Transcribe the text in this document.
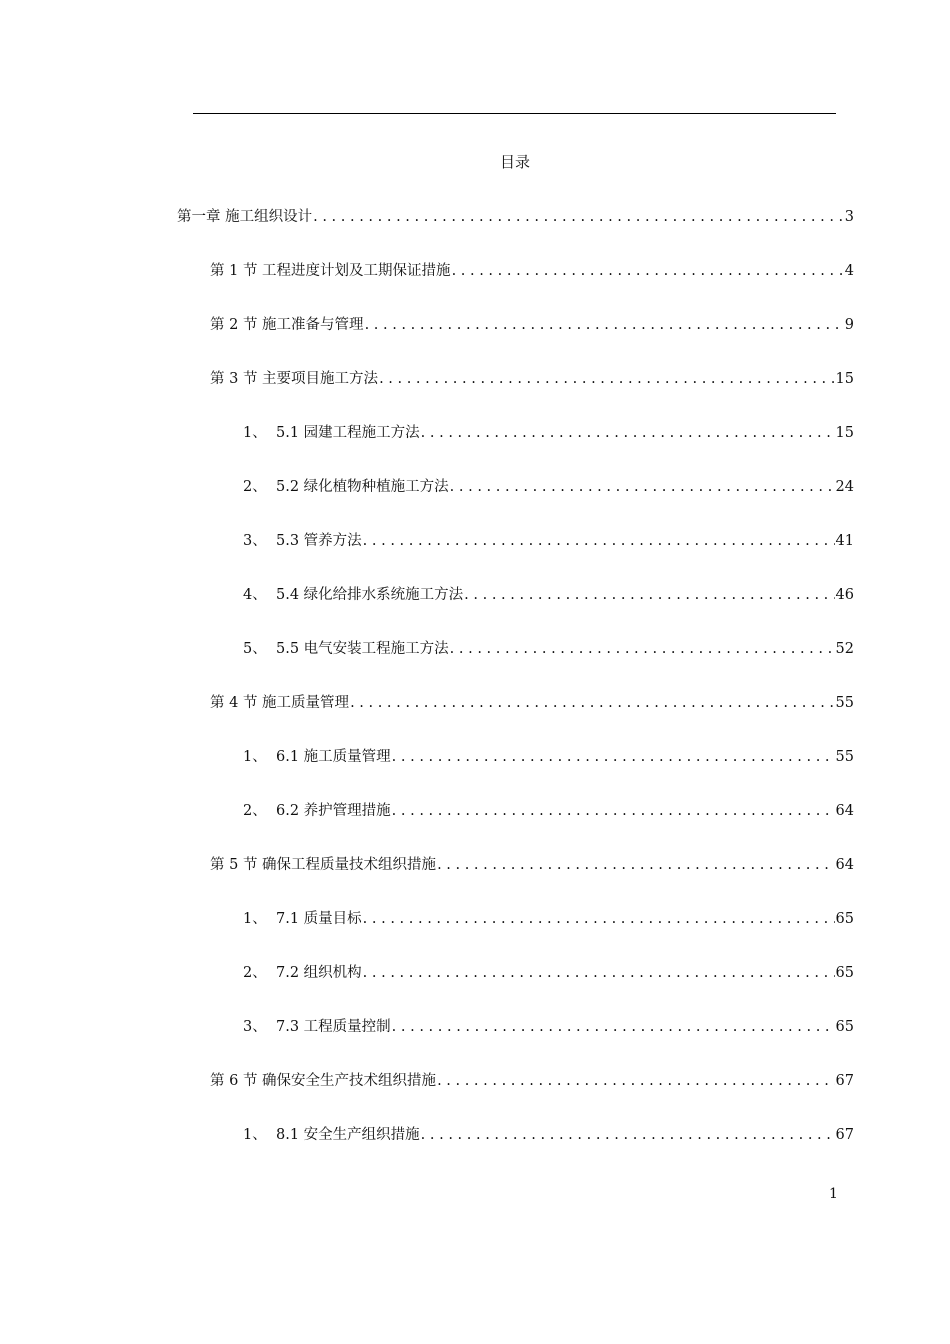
目录
第一章 施工组织设计 . . .	3
第 1 节 工程进度计划及工期保证措施 . . .	4
第 2 节 施工准备与管理 . . .	9
第 3 节 主要项目施工方法 . . .	15
1、 5.1 园建工程施工方法 . . .	15
2、 5.2 绿化植物种植施工方法 . . .	24
3、 5.3 管养方法 . . .	41
4、 5.4 绿化给排水系统施工方法 . . .	46
5、 5.5 电气安装工程施工方法 . . .	52
第 4 节 施工质量管理 . . .	55
1、 6.1 施工质量管理 . . .	55
2、 6.2 养护管理措施 . . .	64
第 5 节 确保工程质量技术组织措施 . . .	64
1、 7.1 质量目标 . . .	65
2、 7.2 组织机构 . . .	65
3、 7.3 工程质量控制 . . .	65
第 6 节 确保安全生产技术组织措施 . . .	67
1、 8.1 安全生产组织措施 . . .	67
1
